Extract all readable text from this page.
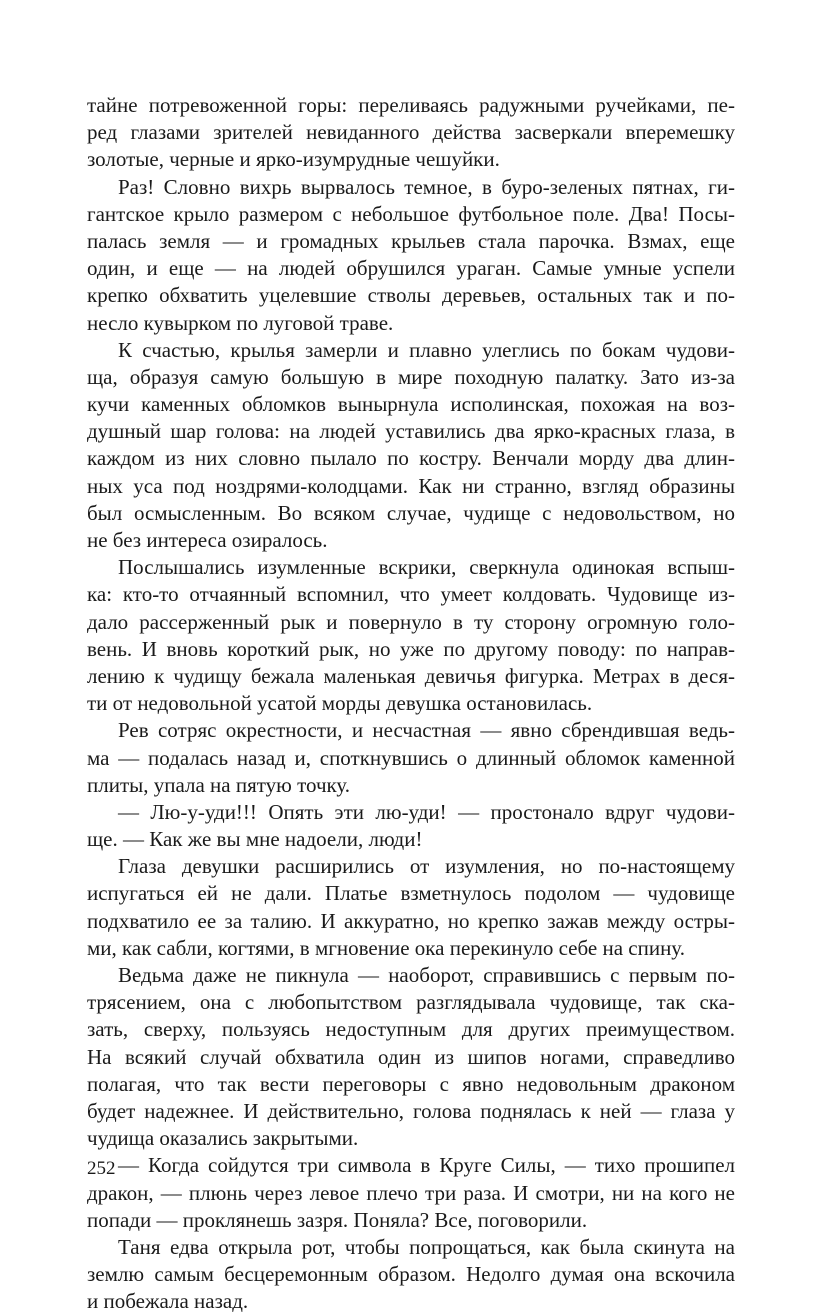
тайне потревоженной горы: переливаясь радужными ручейками, пе-
ред глазами зрителей невиданного действа засверкали вперемешку
золотые, черные и ярко-изумрудные чешуйки.
Раз! Словно вихрь вырвалось темное, в буро-зеленых пятнах, ги-
гантское крыло размером с небольшое футбольное поле. Два! Посы-
палась земля — и громадных крыльев стала парочка. Взмах, еще
один, и еще — на людей обрушился ураган. Самые умные успели
крепко обхватить уцелевшие стволы деревьев, остальных так и по-
несло кувырком по луговой траве.
К счастью, крылья замерли и плавно улеглись по бокам чудови-
ща, образуя самую большую в мире походную палатку. Зато из-за
кучи каменных обломков вынырнула исполинская, похожая на воз-
душный шар голова: на людей уставились два ярко-красных глаза, в
каждом из них словно пылало по костру. Венчали морду два длин-
ных уса под ноздрями-колодцами. Как ни странно, взгляд образины
был осмысленным. Во всяком случае, чудище с недовольством, но
не без интереса озиралось.
Послышались изумленные вскрики, сверкнула одинокая вспыш-
ка: кто-то отчаянный вспомнил, что умеет колдовать. Чудовище из-
дало рассерженный рык и повернуло в ту сторону огромную голо-
вень. И вновь короткий рык, но уже по другому поводу: по направ-
лению к чудищу бежала маленькая девичья фигурка. Метрах в деся-
ти от недовольной усатой морды девушка остановилась.
Рев сотряс окрестности, и несчастная — явно сбрендившая ведь-
ма — подалась назад и, споткнувшись о длинный обломок каменной
плиты, упала на пятую точку.
— Лю-у-уди!!! Опять эти лю-уди! — простонало вдруг чудови-
ще. — Как же вы мне надоели, люди!
Глаза девушки расширились от изумления, но по-настоящему
испугаться ей не дали. Платье взметнулось подолом — чудовище
подхватило ее за талию. И аккуратно, но крепко зажав между остры-
ми, как сабли, когтями, в мгновение ока перекинуло себе на спину.
Ведьма даже не пикнула — наоборот, справившись с первым по-
трясением, она с любопытством разглядывала чудовище, так ска-
зать, сверху, пользуясь недоступным для других преимуществом.
На всякий случай обхватила один из шипов ногами, справедливо
полагая, что так вести переговоры с явно недовольным драконом
будет надежнее. И действительно, голова поднялась к ней — глаза у
чудища оказались закрытыми.
— Когда сойдутся три символа в Круге Силы, — тихо прошипел
дракон, — плюнь через левое плечо три раза. И смотри, ни на кого не
попади — проклянешь зазря. Поняла? Все, поговорили.
Таня едва открыла рот, чтобы попрощаться, как была скинута на
землю самым бесцеремонным образом. Недолго думая она вскочила
и побежала назад.
252
